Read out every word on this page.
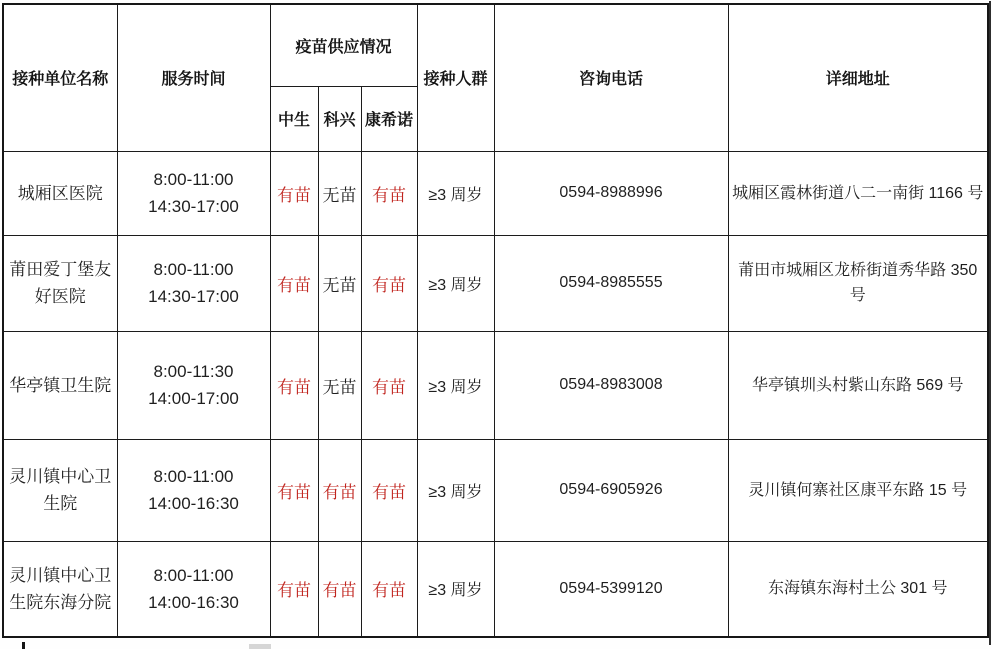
接种单位名称	服务时间	疫苗供应情况			接种人群	咨询电话	详细地址
		中生	科兴	康希诺			
城厢区医院	8:00-11:00
14:30-17:00	有苗	无苗	有苗	≥3 周岁	0594-8988996	城厢区霞林街道八二一南街 1166 号

莆田爱丁堡友好医院	8:00-11:00
14:30-17:00	有苗	无苗	有苗	≥3 周岁	0594-8985555	莆田市城厢区龙桥街道秀华路 350 号

华亭镇卫生院	8:00-11:30
14:00-17:00	有苗	无苗	有苗	≥3 周岁	0594-8983008	华亭镇圳头村紫山东路 569 号

灵川镇中心卫生院	8:00-11:00
14:00-16:30	有苗	有苗	有苗	≥3 周岁	0594-6905926	灵川镇何寨社区康平东路 15 号

灵川镇中心卫生院东海分院	8:00-11:00
14:00-16:30	有苗	有苗	有苗	≥3 周岁	0594-5399120	东海镇东海村土公 301 号
